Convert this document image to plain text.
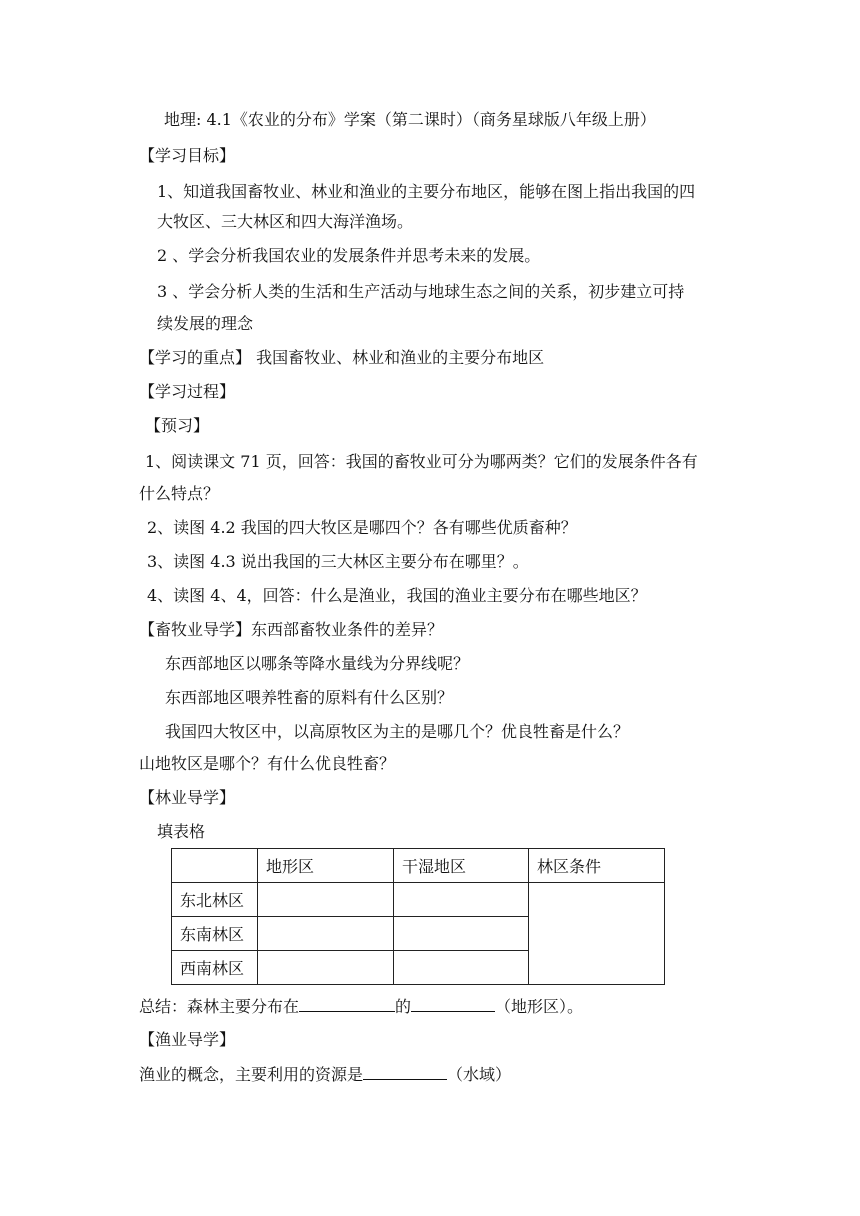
地理: 4.1《农业的分布》学案（第二课时）（商务星球版八年级上册）
【学习目标】
1、知道我国畜牧业、林业和渔业的主要分布地区，能够在图上指出我国的四
大牧区、三大林区和四大海洋渔场。
2 、学会分析我国农业的发展条件并思考未来的发展。
3 、学会分析人类的生活和生产活动与地球生态之间的关系，初步建立可持
续发展的理念
【学习的重点】 我国畜牧业、林业和渔业的主要分布地区
【学习过程】
【预习】
1、阅读课文 71 页，回答：我国的畜牧业可分为哪两类？它们的发展条件各有
什么特点？
2、读图 4.2 我国的四大牧区是哪四个？各有哪些优质畜种？
3、读图 4.3 说出我国的三大林区主要分布在哪里？。
4、读图 4、4，回答：什么是渔业，我国的渔业主要分布在哪些地区？
【畜牧业导学】东西部畜牧业条件的差异？
东西部地区以哪条等降水量线为分界线呢？
东西部地区喂养牲畜的原料有什么区别？
我国四大牧区中，以高原牧区为主的是哪几个？优良牲畜是什么？
山地牧区是哪个？有什么优良牲畜？
【林业导学】
填表格
	地形区	干湿地区	林区条件
东北林区			
东南林区			
西南林区			
总结：森林主要分布在	的	（地形区）。
【渔业导学】
渔业的概念，主要利用的资源是	（水域）
